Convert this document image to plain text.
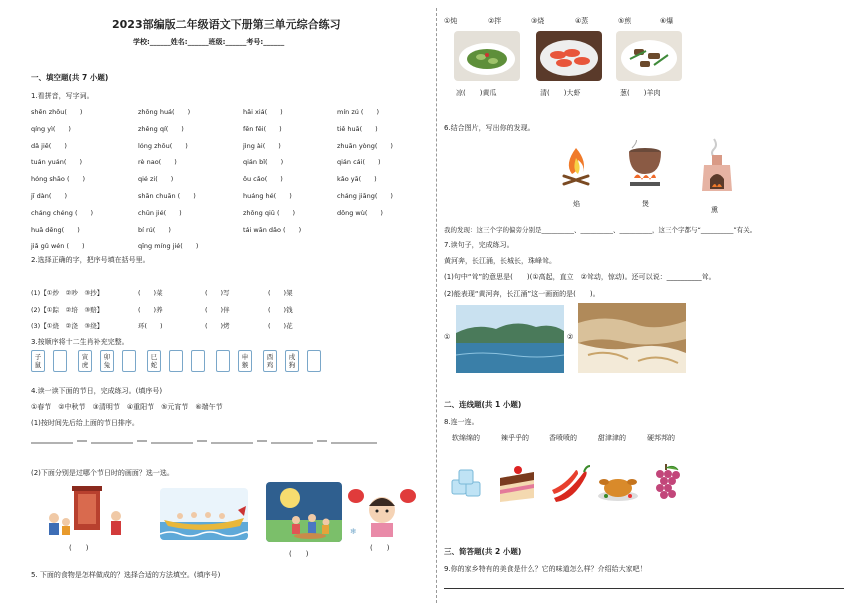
2023部编版二年级语文下册第三单元综合练习
学校:______姓名:______班级:______考号:______
一、填空题(共 7 小题)
1.看拼音，写字词。
shēn zhōu(　　)	zhōng huá(　　)	hǎi xiá(　　)	mín zú (　　)
qíng yì(　　)	zhěng qí(　　)	fēn fēi(　　)	tiě huā(　　)
dǎ jiē(　　)	lóng zhōu(　　)	jìng ài(　　)	zhuān yòng(　　)
tuán yuán(　　)	rè nao(　　)	qián bǐ(　　)	qián cái(　　)
hóng shāo (　　)	qié zi(　　)	ōu cǎo(　　)	kǎo yā(　　)
jī dàn(　　)	shān chuān (　　)	huáng hé(　　)	cháng jiāng(　　)
cháng chéng (　　)	chūn jié(　　)	zhōng qiū (　　)	dōng wù(　　)
huā dēng(　　)	bí rú(　　)	tái wān dǎo (　　)
jiǎ gǔ wén (　　)	qīng míng jié(　　)
2.选择正确的字，把序号填在括号里。
(1)【①炒　②吵　③抄】	(　　)菜	(　　)写	(　　)架
(2)【①踪　②培　③赔】	(　　)养	(　　)伴	(　　)钱
(3)【①烧　②浇　③绕】	环(　　)	(　　)烤	(　　)花
3.按顺序将十二生肖补充完整。
子鼠
寅虎
卯兔
巳蛇
申猴
酉鸡
戌狗
4.读一读下面的节日，完成练习。(填序号)
①春节　②中秋节　③清明节　④重阳节　⑤元宵节　⑥端午节
(1)按时间先后给上面的节日排序。
(2)下面分别是过哪个节日时的画面？选一选。
(　　)
(　　)
❄
(　　)
5. 下面的食物是怎样做成的？选择合适的方法填空。(填序号)
①炖	②拌	③烧	④蒸	⑤煎	⑥爆
凉(　　)黄瓜	清(　　)大虾	葱(　　)羊肉
6.结合图片，写出你的发现。
焰	煲
熏
我的发现：这三个字的偏旁分别是__________、__________、__________，这三个字都与“__________”有关。
7.读句子，完成练习。
黄河奔，长江涌，长城长，珠峰耸。
(1)句中“耸”的意思是(　　)(①高起，直立　②耸动，惊动)。还可以说：__________耸。
(2)能表现“黄河奔，长江涌”这一画面的是(　　)。
①	②
二、连线题(共 1 小题)
8.连一连。
软绵绵的	辣乎乎的	香喷喷的	甜津津的	硬邦邦的
三、简答题(共 2 小题)
9.你的家乡特有的美食是什么？它的味道怎么样？介绍给大家吧！
